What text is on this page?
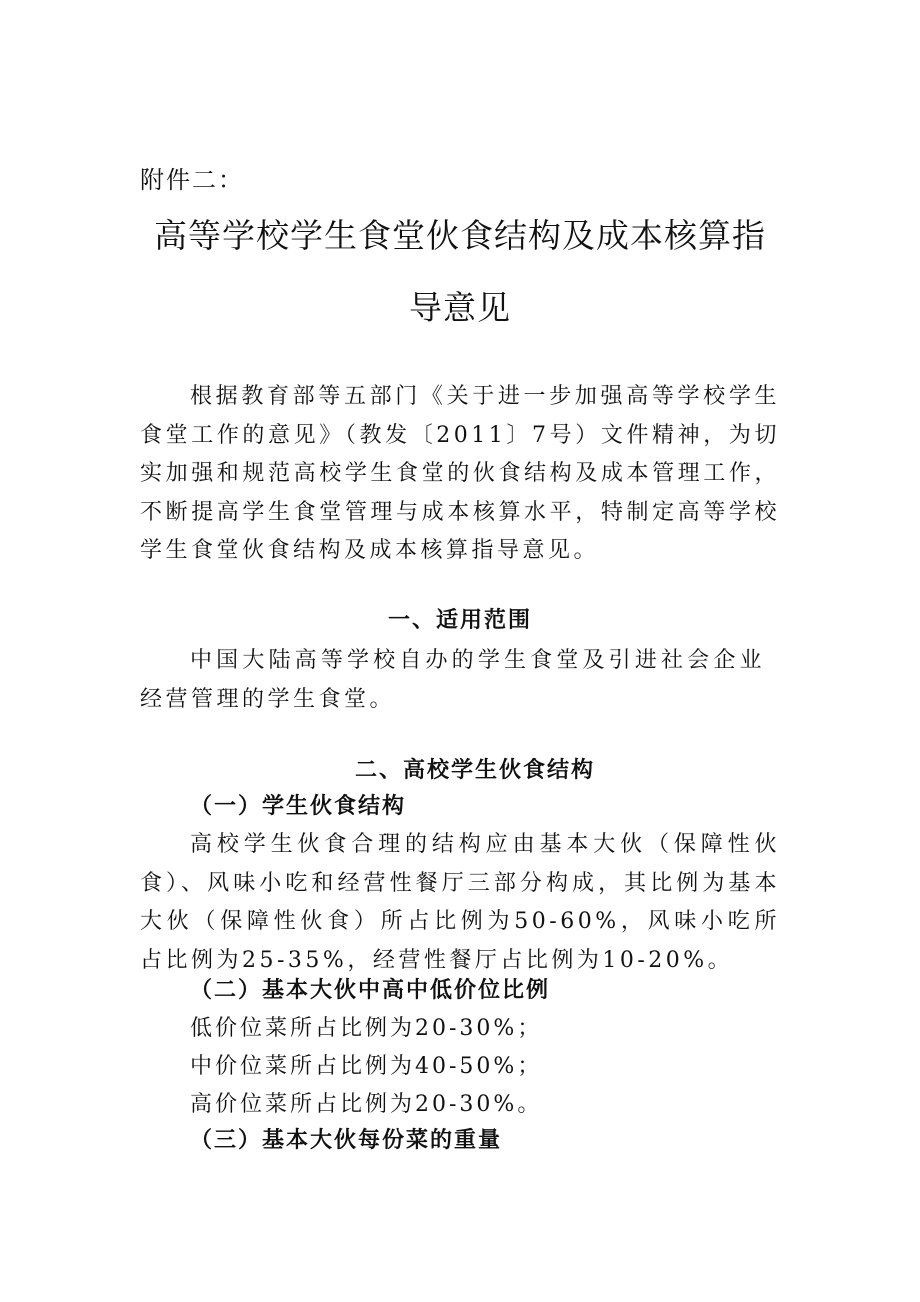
附件二：
高等学校学生食堂伙食结构及成本核算指
导意见

根据教育部等五部门《关于进一步加强高等学校学生食堂工作的意见》（教发〔2011〕7号）文件精神，为切实加强和规范高校学生食堂的伙食结构及成本管理工作，不断提高学生食堂管理与成本核算水平，特制定高等学校学生食堂伙食结构及成本核算指导意见。

一、适用范围

中国大陆高等学校自办的学生食堂及引进社会企业经营管理的学生食堂。

二、高校学生伙食结构
（一）学生伙食结构

高校学生伙食合理的结构应由基本大伙（保障性伙食）、风味小吃和经营性餐厅三部分构成，其比例为基本大伙（保障性伙食）所占比例为50-60%，风味小吃所占比例为25-35%，经营性餐厅占比例为10-20%。

（二）基本大伙中高中低价位比例

低价位菜所占比例为20-30%；

中价位菜所占比例为40-50%；

高价位菜所占比例为20-30%。

（三）基本大伙每份菜的重量
